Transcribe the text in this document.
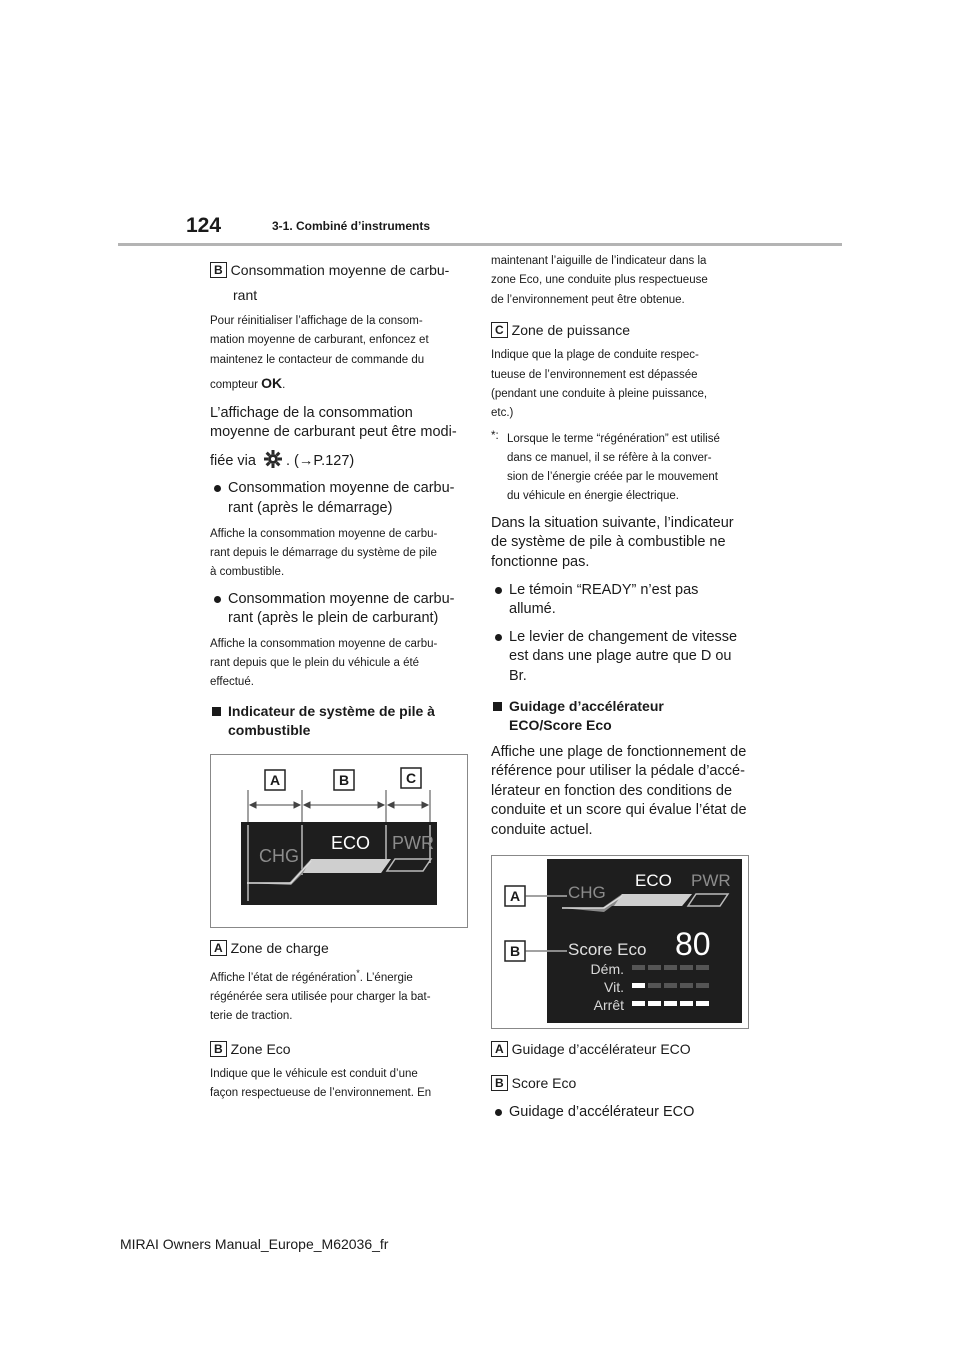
124	3-1. Combiné d’instruments
B Consommation moyenne de carbu-
rant
Pour réinitialiser l’affichage de la consom-
mation moyenne de carburant, enfoncez et
maintenez le contacteur de commande du
compteur OK.
L’affichage de la consommation
moyenne de carburant peut être modi-
fiée via . (→P.127)
Consommation moyenne de carbu-
rant (après le démarrage)
Affiche la consommation moyenne de carbu-
rant depuis le démarrage du système de pile
à combustible.
Consommation moyenne de carbu-
rant (après le plein de carburant)
Affiche la consommation moyenne de carbu-
rant depuis que le plein du véhicule a été
effectué.
Indicateur de système de pile à
combustible
A	B	C
CHG
ECO PWR
A Zone de charge
Affiche l’état de régénération*. L’énergie
régénérée sera utilisée pour charger la bat-
terie de traction.
B Zone Eco
Indique que le véhicule est conduit d’une
façon respectueuse de l’environnement. En
maintenant l’aiguille de l’indicateur dans la
zone Eco, une conduite plus respectueuse
de l’environnement peut être obtenue.
C Zone de puissance
Indique que la plage de conduite respec-
tueuse de l’environnement est dépassée
(pendant une conduite à pleine puissance,
etc.)
*: Lorsque le terme “régénération” est utilisé
dans ce manuel, il se réfère à la conver-
sion de l’énergie créée par le mouvement
du véhicule en énergie électrique.
Dans la situation suivante, l’indicateur
de système de pile à combustible ne
fonctionne pas.
Le témoin “READY” n’est pas
allumé.
Le levier de changement de vitesse
est dans une plage autre que D ou
Br.
Guidage d’accélérateur
ECO/Score Eco
Affiche une plage de fonctionnement de
référence pour utiliser la pédale d’accé-
lérateur en fonction des conditions de
conduite et un score qui évalue l’état de
conduite actuel.
A
B
CHG
ECO PWR
Score Eco 80
Dém.
Vit.
Arrêt
A Guidage d’accélérateur ECO
B Score Eco
Guidage d’accélérateur ECO
MIRAI Owners Manual_Europe_M62036_fr
